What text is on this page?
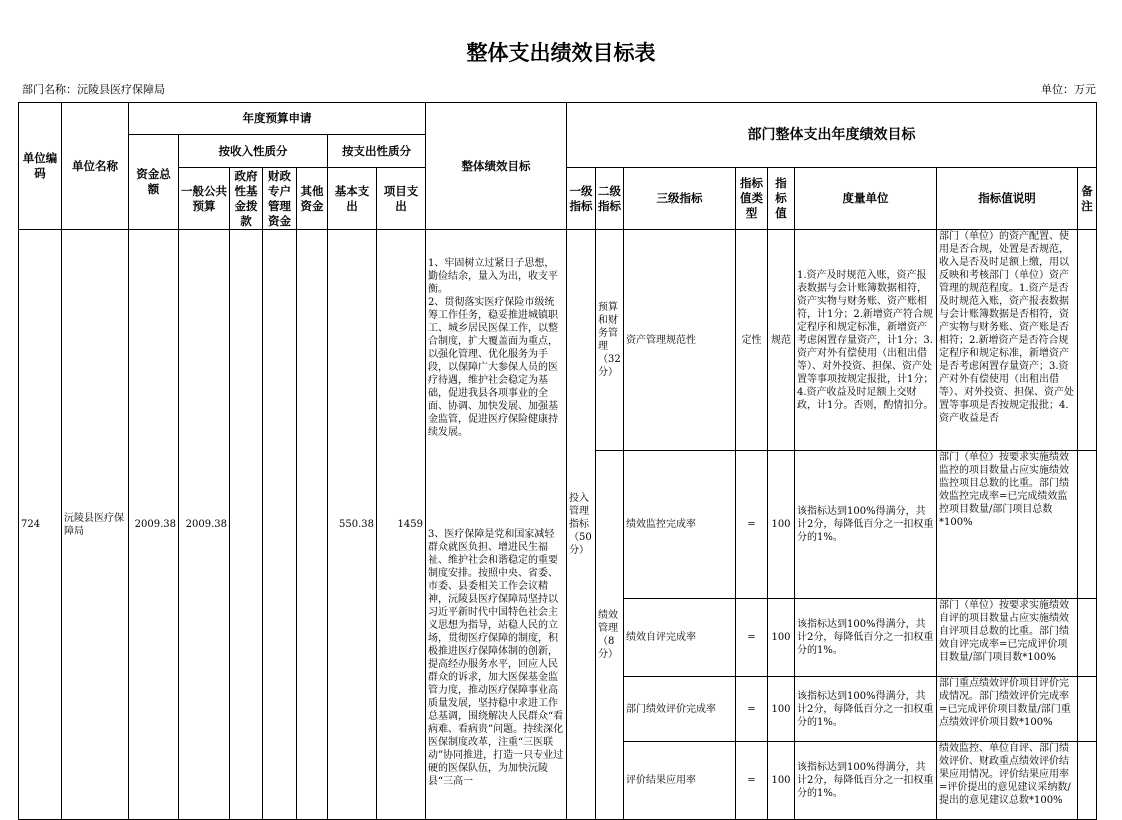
整体支出绩效目标表
部门名称：沅陵县医疗保障局	单位：万元
单位编码	单位名称	年度预算申请							整体绩效目标	部门整体支出年度绩效目标							
		资金总额	按收入性质分				按支出性质分										
			一般公共预算	政府性基金拨款	财政专户管理资金	其他资金	基本支出	项目支出		一级指标	二级指标	三级指标	指标值类型	指标值	度量单位	指标值说明	备注

724	沅陵县医疗保障局	2009.38	2009.38				550.38	1459	1、牢固树立过紧日子思想，勤俭结余，量入为出，收支平衡。
2、贯彻落实医疗保险市级统筹工作任务，稳妥推进城镇职工、城乡居民医保工作，以整合制度，扩大覆盖面为重点，以强化管理、优化服务为手段，以保障广大参保人员的医疗待遇，维护社会稳定为基础，促进我县各项事业的全面、协调、加快发展、加强基金监管，促进医疗保险健康持续发展。

3、医疗保障是党和国家减轻群众就医负担、增进民生福祉、维护社会和谐稳定的重要制度安排。按照中央、省委、市委、县委相关工作会议精神，沅陵县医疗保障局坚持以习近平新时代中国特色社会主义思想为指导，站稳人民的立场，贯彻医疗保障的制度，积极推进医疗保障体制的创新，提高经办服务水平，回应人民群众的诉求，加大医保基金监管力度，推动医疗保障事业高质量发展，坚持稳中求进工作总基调，围绕解决人民群众“看病难、看病贵”问题。持续深化医保制度改革，注重“三医联动”协同推进，打造一只专业过硬的医保队伍，为加快沅陵县“三高一	投入管理指标（50分）	预算和财务管理（32分）	资产管理规范性	定性	规范	1.资产及时规范入账，资产报表数据与会计账簿数据相符，资产实物与财务账、资产账相符，计1分；2.新增资产符合规定程序和规定标准，新增资产考虑闲置存量资产，计1分；3.资产对外有偿使用（出租出借等）、对外投资、担保、资产处置等事项按规定报批，计1分；4.资产收益及时足额上交财政，计1分。否则，酌情扣分。	部门（单位）的资产配置、使用是否合规，处置是否规范，收入是否及时足额上缴，用以反映和考核部门（单位）资产管理的规范程度。1.资产是否及时规范入账，资产报表数据与会计账簿数据是否相符，资产实物与财务账、资产账是否相符；2.新增资产是否符合规定程序和规定标准，新增资产是否考虑闲置存量资产；3.资产对外有偿使用（出租出借等）、对外投资、担保、资产处置等事项是否按规定报批；4.资产收益是否	

											绩效管理（8分）	绩效监控完成率	=	100	该指标达到100%得满分，共计2分，每降低百分之一扣权重分的1%。	部门（单位）按要求实施绩效监控的项目数量占应实施绩效监控项目总数的比重。部门绩效监控完成率=已完成绩效监控项目数量/部门项目总数*100%	

												绩效自评完成率	=	100	该指标达到100%得满分，共计2分，每降低百分之一扣权重分的1%。	部门（单位）按要求实施绩效自评的项目数量占应实施绩效自评项目总数的比重。部门绩效自评完成率=已完成评价项目数量/部门项目数*100%	

												部门绩效评价完成率	=	100	该指标达到100%得满分，共计2分，每降低百分之一扣权重分的1%。	部门重点绩效评价项目评价完成情况。部门绩效评价完成率=已完成评价项目数量/部门重点绩效评价项目数*100%	

												评价结果应用率	=	100	该指标达到100%得满分，共计2分，每降低百分之一扣权重分的1%。	绩效监控、单位自评、部门绩效评价、财政重点绩效评价结果应用情况。评价结果应用率=评价提出的意见建议采纳数/提出的意见建议总数*100%	
